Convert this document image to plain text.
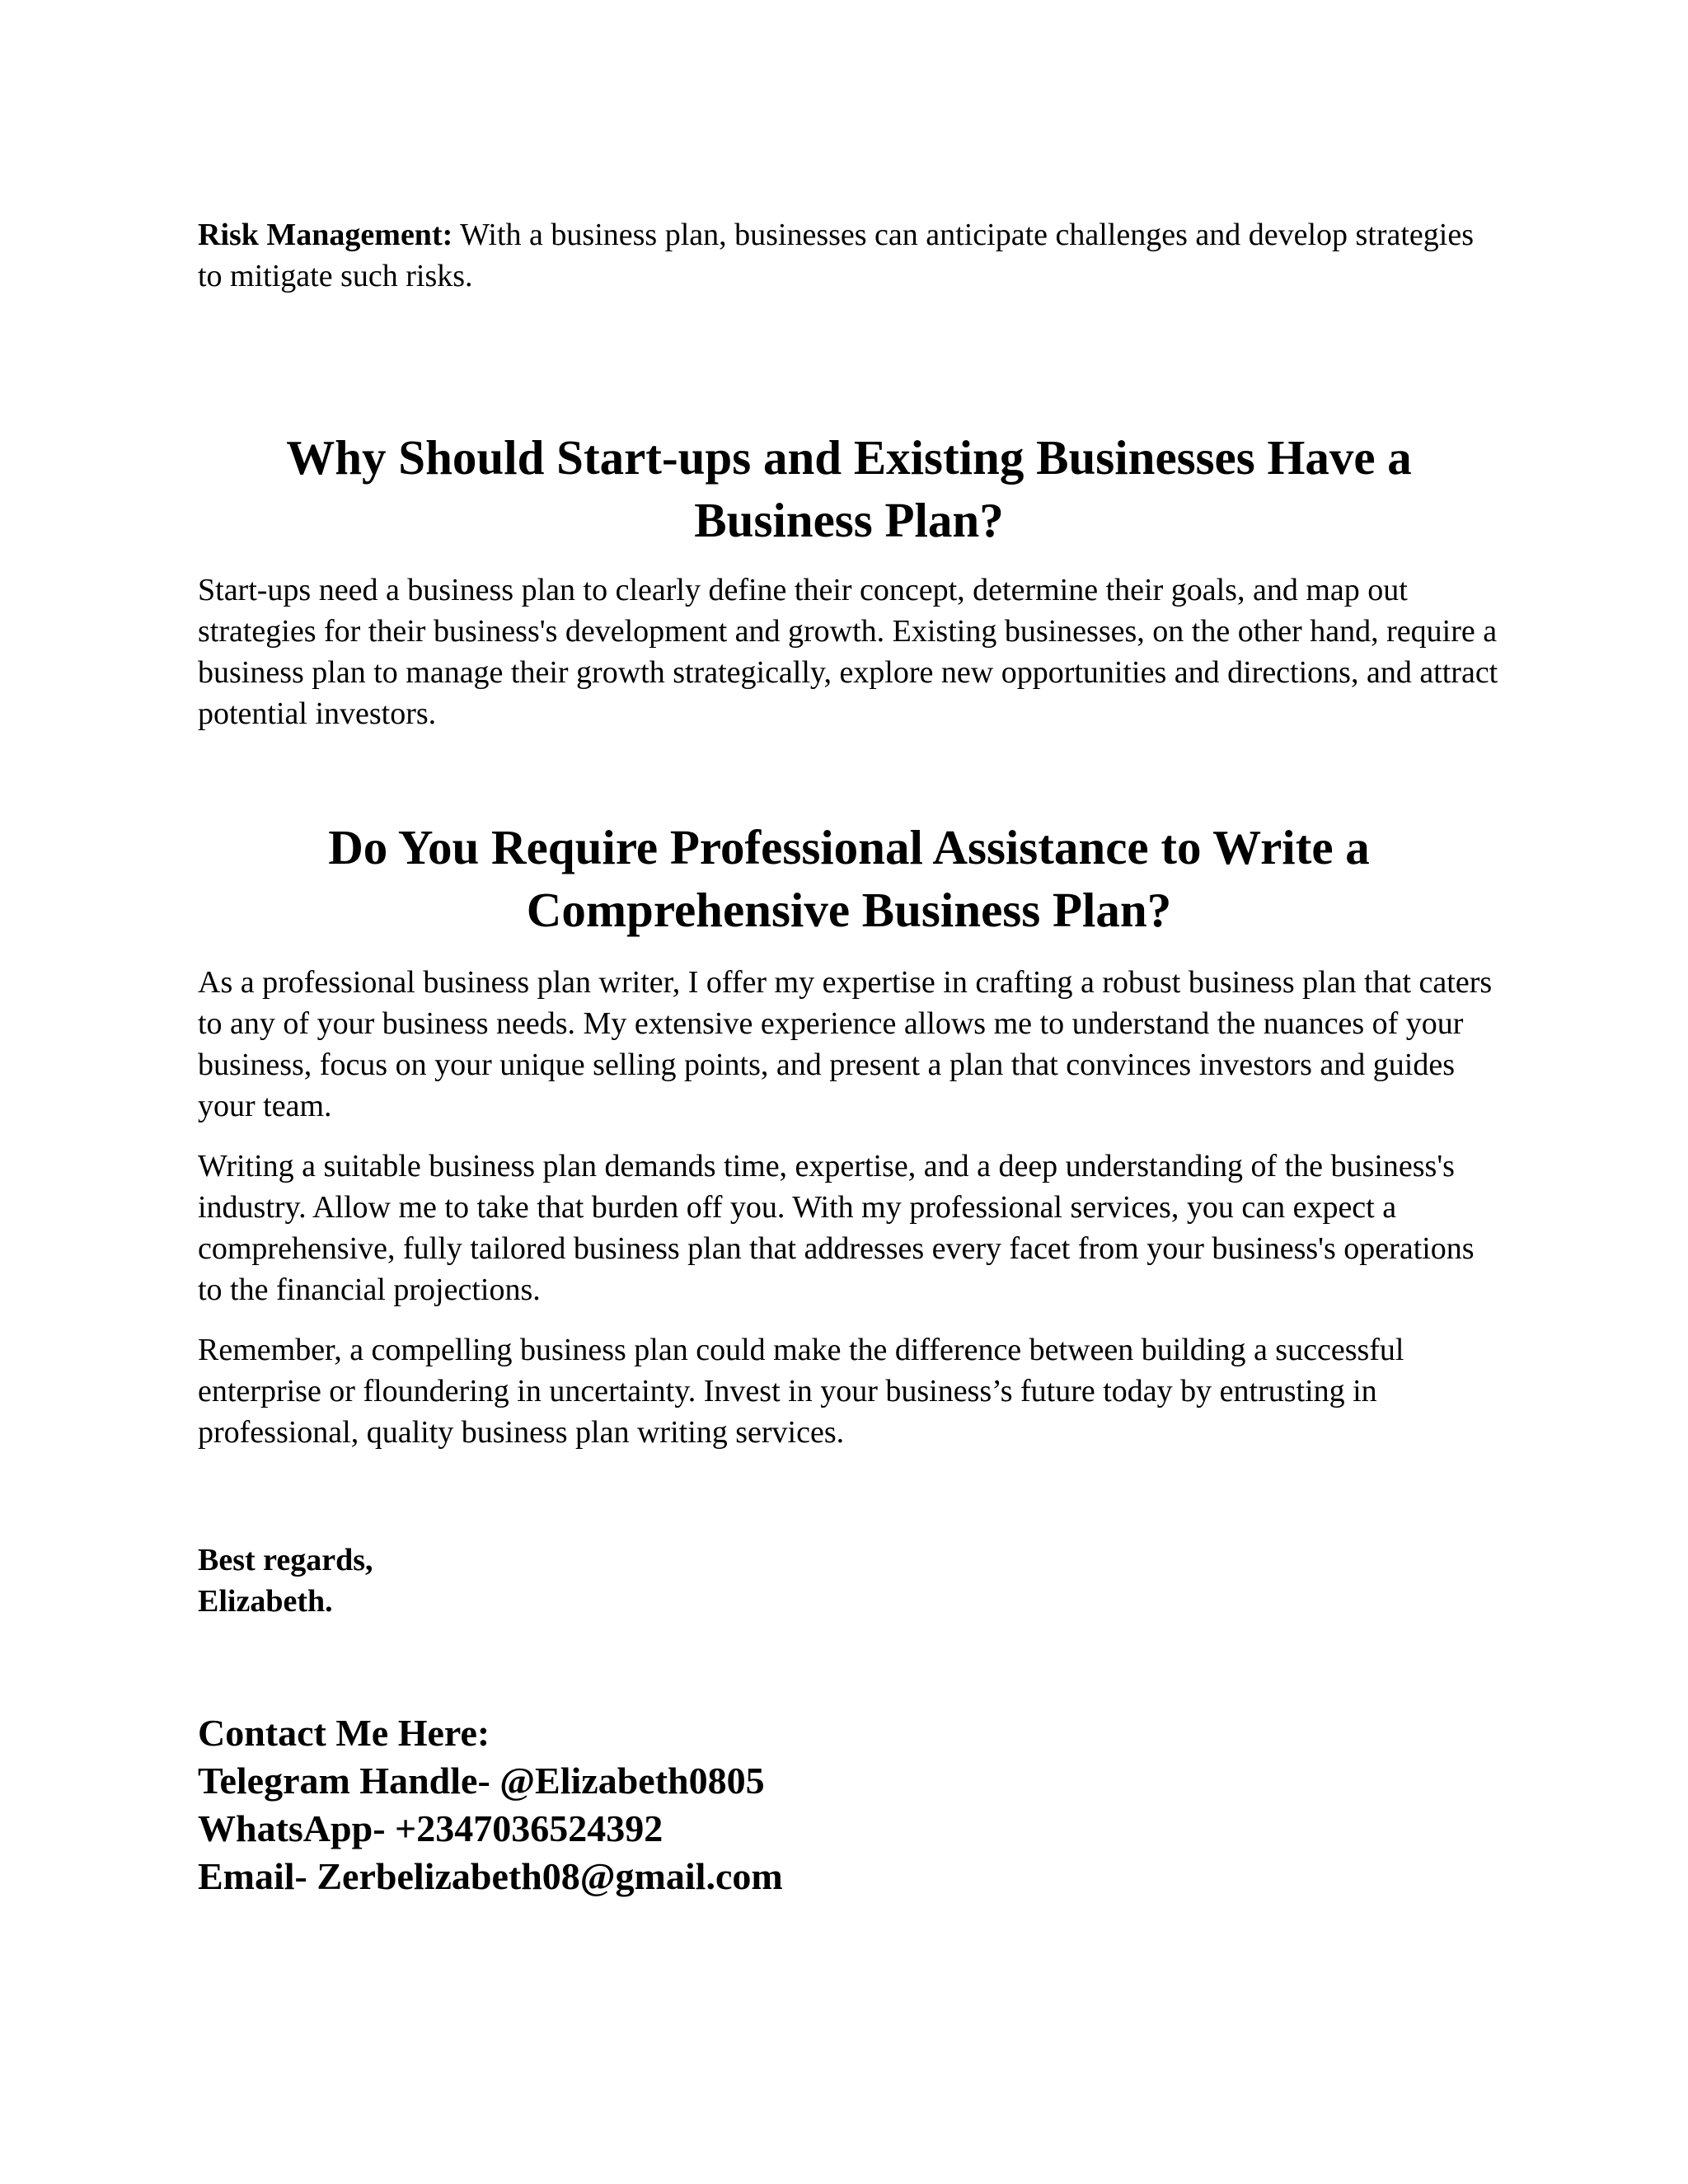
Risk Management: With a business plan, businesses can anticipate challenges and develop strategies to mitigate such risks.

Why Should Start-ups and Existing Businesses Have a
Business Plan?

Start-ups need a business plan to clearly define their concept, determine their goals, and map out strategies for their business's development and growth. Existing businesses, on the other hand, require a business plan to manage their growth strategically, explore new opportunities and directions, and attract potential investors.

Do You Require Professional Assistance to Write a
Comprehensive Business Plan?

As a professional business plan writer, I offer my expertise in crafting a robust business plan that caters to any of your business needs. My extensive experience allows me to understand the nuances of your business, focus on your unique selling points, and present a plan that convinces investors and guides your team.

Writing a suitable business plan demands time, expertise, and a deep understanding of the business's industry. Allow me to take that burden off you. With my professional services, you can expect a comprehensive, fully tailored business plan that addresses every facet from your business's operations to the financial projections.

Remember, a compelling business plan could make the difference between building a successful enterprise or floundering in uncertainty. Invest in your business’s future today by entrusting in professional, quality business plan writing services.

Best regards,
Elizabeth.
Contact Me Here:
Telegram Handle- @Elizabeth0805
WhatsApp- +2347036524392
Email- Zerbelizabeth08@gmail.com
